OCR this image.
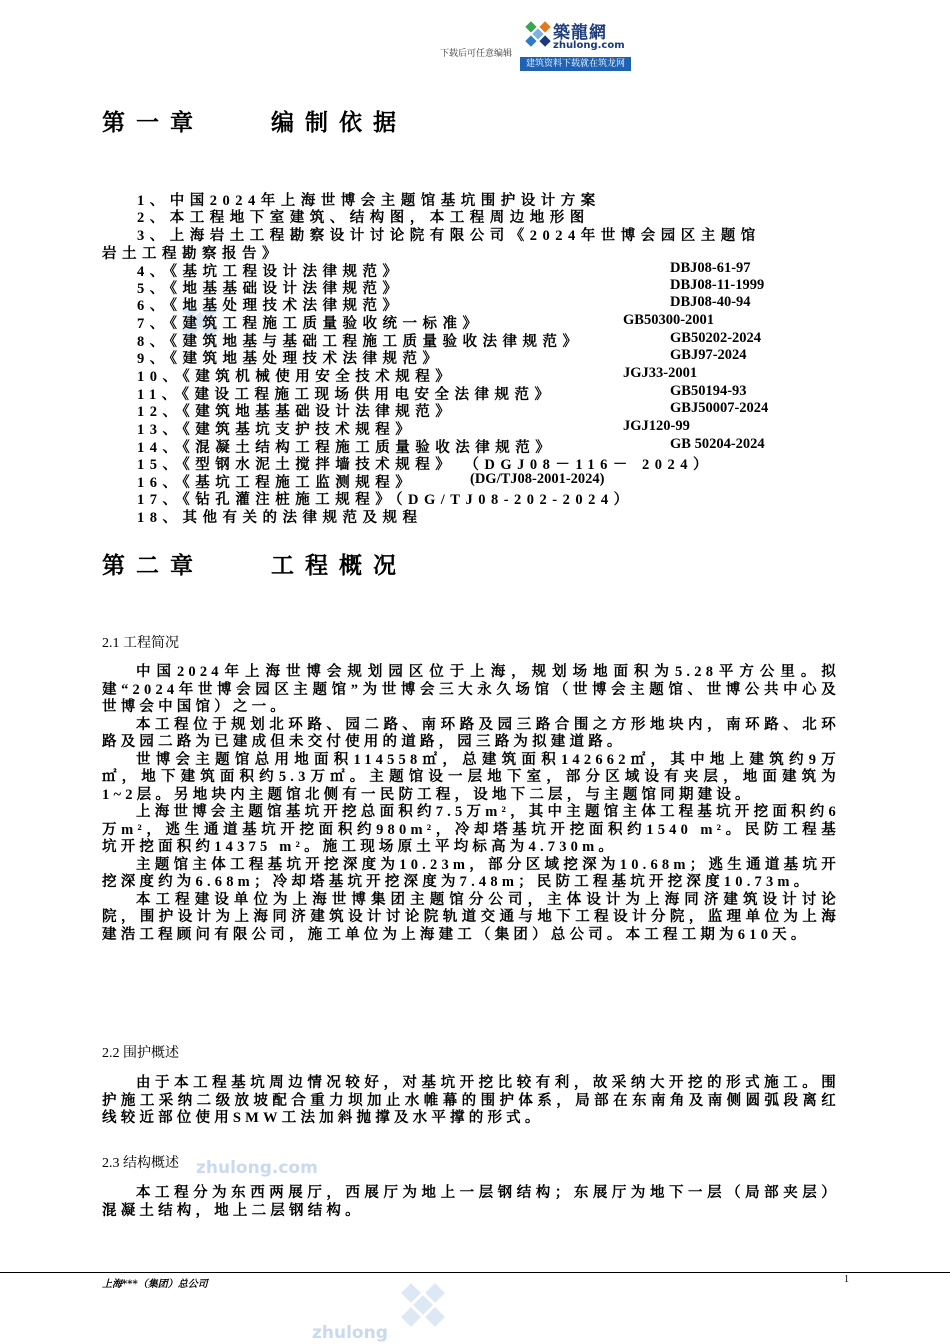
下载后可任意编辑
築龍網
zhulong.com
建筑资料下载就在筑龙网
zhulong.com
zhulong
第一章    编制依据
1、中国2024年上海世博会主题馆基坑围护设计方案
2、本工程地下室建筑、结构图，本工程周边地形图
3、上海岩土工程勘察设计讨论院有限公司《2024年世博会园区主题馆
岩土工程勘察报告》
4、《基坑工程设计法律规范》	DBJ08-61-97
5、《地基基础设计法律规范》	DBJ08-11-1999
6、《地基处理技术法律规范》	DBJ08-40-94
7、《建筑工程施工质量验收统一标准》	GB50300-2001
8、《建筑地基与基础工程施工质量验收法律规范》	GB50202-2024
9、《建筑地基处理技术法律规范》	GBJ97-2024
10、《建筑机械使用安全技术规程》	JGJ33-2001
11、《建设工程施工现场供用电安全法律规范》	GB50194-93
12、《建筑地基基础设计法律规范》	GBJ50007-2024
13、《建筑基坑支护技术规程》	JGJ120-99
14、《混凝土结构工程施工质量验收法律规范》	GB 50204-2024
15、《型钢水泥土搅拌墙技术规程》 （DGJ08－116－ 2024）
16、《基坑工程施工监测规程》	(DG/TJ08-2001-2024)
17、《钻孔灌注桩施工规程》（DG/TJ08-202-2024）
18、其他有关的法律规范及规程
第二章    工程概况
2.1 工程简况
中国2024年上海世博会规划园区位于上海，规划场地面积为5.28平方公里。拟建“2024年世博会园区主题馆”为世博会三大永久场馆（世博会主题馆、世博公共中心及世博会中国馆）之一。
本工程位于规划北环路、园二路、南环路及园三路合围之方形地块内，南环路、北环路及园二路为已建成但未交付使用的道路，园三路为拟建道路。
世博会主题馆总用地面积114558㎡，总建筑面积142662㎡，其中地上建筑约9万㎡，地下建筑面积约5.3万㎡。主题馆设一层地下室，部分区域设有夹层，地面建筑为1~2层。另地块内主题馆北侧有一民防工程，设地下二层，与主题馆同期建设。
上海世博会主题馆基坑开挖总面积约7.5万m²，其中主题馆主体工程基坑开挖面积约6万m²，逃生通道基坑开挖面积约980m²，冷却塔基坑开挖面积约1540 m²。民防工程基坑开挖面积约14375 m²。施工现场原土平均标高为4.730m。
主题馆主体工程基坑开挖深度为10.23m，部分区域挖深为10.68m；逃生通道基坑开挖深度约为6.68m；冷却塔基坑开挖深度为7.48m；民防工程基坑开挖深度10.73m。
本工程建设单位为上海世博集团主题馆分公司，主体设计为上海同济建筑设计讨论院，围护设计为上海同济建筑设计讨论院轨道交通与地下工程设计分院，监理单位为上海建浩工程顾问有限公司，施工单位为上海建工（集团）总公司。本工程工期为610天。
2.2 围护概述
由于本工程基坑周边情况较好，对基坑开挖比较有利，故采纳大开挖的形式施工。围护施工采纳二级放坡配合重力坝加止水帷幕的围护体系，局部在东南角及南侧圆弧段离红线较近部位使用SMW工法加斜抛撑及水平撑的形式。
2.3 结构概述
本工程分为东西两展厅，西展厅为地上一层钢结构；东展厅为地下一层（局部夹层）混凝土结构，地上二层钢结构。
上海***（集团）总公司	1
